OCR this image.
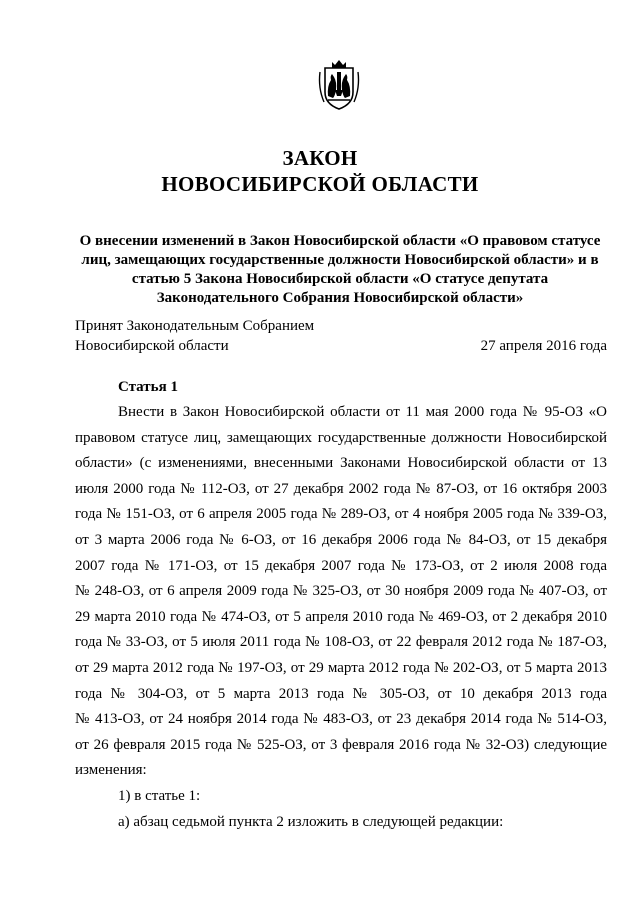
ЗАКОН
НОВОСИБИРСКОЙ ОБЛАСТИ
О внесении изменений в Закон Новосибирской области «О правовом статусе
лиц, замещающих государственные должности Новосибирской области» и в
статью 5 Закона Новосибирской области «О статусе депутата
Законодательного Собрания Новосибирской области»
Принят Законодательным Собранием
Новосибирской области	27 апреля 2016 года
Статья 1
Внести в Закон Новосибирской области от 11 мая 2000 года № 95-ОЗ «О
правовом статусе лиц, замещающих государственные должности Новосибирской
области» (с изменениями, внесенными Законами Новосибирской области от 13
июля 2000 года № 112-ОЗ, от 27 декабря 2002 года № 87-ОЗ, от 16 октября 2003
года № 151-ОЗ, от 6 апреля 2005 года № 289-ОЗ, от 4 ноября 2005 года № 339-ОЗ,
от 3 марта 2006 года № 6-ОЗ, от 16 декабря 2006 года № 84-ОЗ, от 15 декабря
2007 года № 171-ОЗ, от 15 декабря 2007 года № 173-ОЗ, от 2 июля 2008 года
№ 248-ОЗ, от 6 апреля 2009 года № 325-ОЗ, от 30 ноября 2009 года № 407-ОЗ, от
29 марта 2010 года № 474-ОЗ, от 5 апреля 2010 года № 469-ОЗ, от 2 декабря 2010
года № 33-ОЗ, от 5 июля 2011 года № 108-ОЗ, от 22 февраля 2012 года № 187-ОЗ,
от 29 марта 2012 года № 197-ОЗ, от 29 марта 2012 года № 202-ОЗ, от 5 марта 2013
года № 304-ОЗ, от 5 марта 2013 года № 305-ОЗ, от 10 декабря 2013 года
№ 413-ОЗ, от 24 ноября 2014 года № 483-ОЗ, от 23 декабря 2014 года № 514-ОЗ,
от 26 февраля 2015 года № 525-ОЗ, от 3 февраля 2016 года № 32-ОЗ) следующие
изменения:
1) в статье 1:
а) абзац седьмой пункта 2 изложить в следующей редакции:
